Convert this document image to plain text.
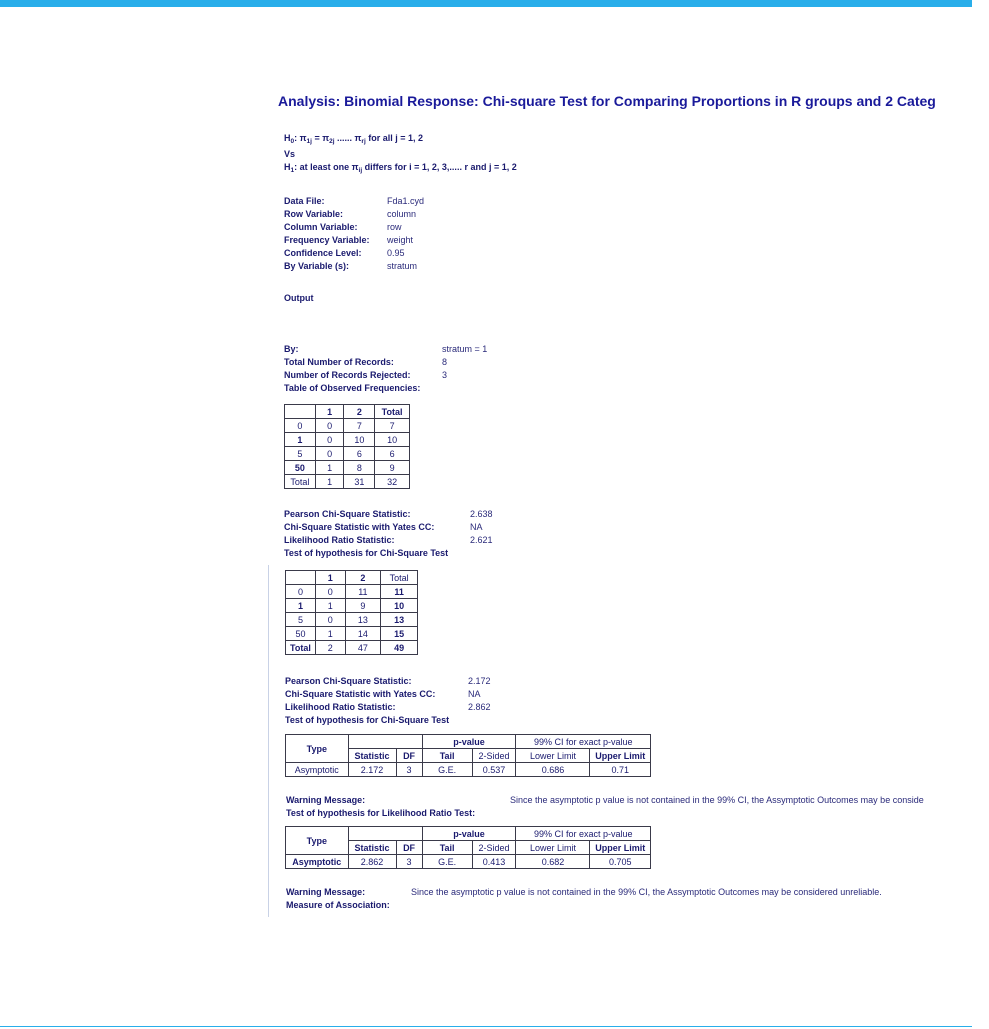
Analysis: Binomial Response: Chi-square Test for Comparing Proportions in R groups and 2 Categ
$H_0$: $\pi_{1j} = \pi_{2j}$ ...... $\pi_{rj}$ for all j = 1, 2
Vs
$H_1$: at least one $\pi_{ij}$ differs for i = 1, 2, 3,..... r and j = 1, 2
Data File:	Fda1.cyd
Row Variable:	column
Column Variable:	row
Frequency Variable:	weight
Confidence Level:	0.95
By Variable (s):	stratum
Output
By:	stratum = 1
Total Number of Records:	8
Number of Records Rejected:	3
Table of Observed Frequencies:
	1	2	Total
0	0	7	7
1	0	10	10
5	0	6	6
50	1	8	9
Total	1	31	32
Pearson Chi-Square Statistic:	2.638
Chi-Square Statistic with Yates CC:	NA
Likelihood Ratio Statistic:	2.621
Test of hypothesis for Chi-Square Test
	1	2	Total
0	0	11	11
1	1	9	10
5	0	13	13
50	1	14	15
Total	2	47	49
Pearson Chi-Square Statistic:	2.172
Chi-Square Statistic with Yates CC:	NA
Likelihood Ratio Statistic:	2.862
Test of hypothesis for Chi-Square Test
Type			p-value		99% CI for exact p-value	
	Statistic	DF	Tail	2-Sided	Lower Limit	Upper Limit
Asymptotic	2.172	3	G.E.	0.537	0.686	0.71
Warning Message:	Since the asymptotic p value is not contained in the 99% CI, the Assymptotic Outcomes may be conside
Test of hypothesis for Likelihood Ratio Test:
Type			p-value		99% CI for exact p-value	
	Statistic	DF	Tail	2-Sided	Lower Limit	Upper Limit
Asymptotic	2.862	3	G.E.	0.413	0.682	0.705
Warning Message:	Since the asymptotic p value is not contained in the 99% CI, the Assymptotic Outcomes may be considered unreliable.
Measure of Association:
